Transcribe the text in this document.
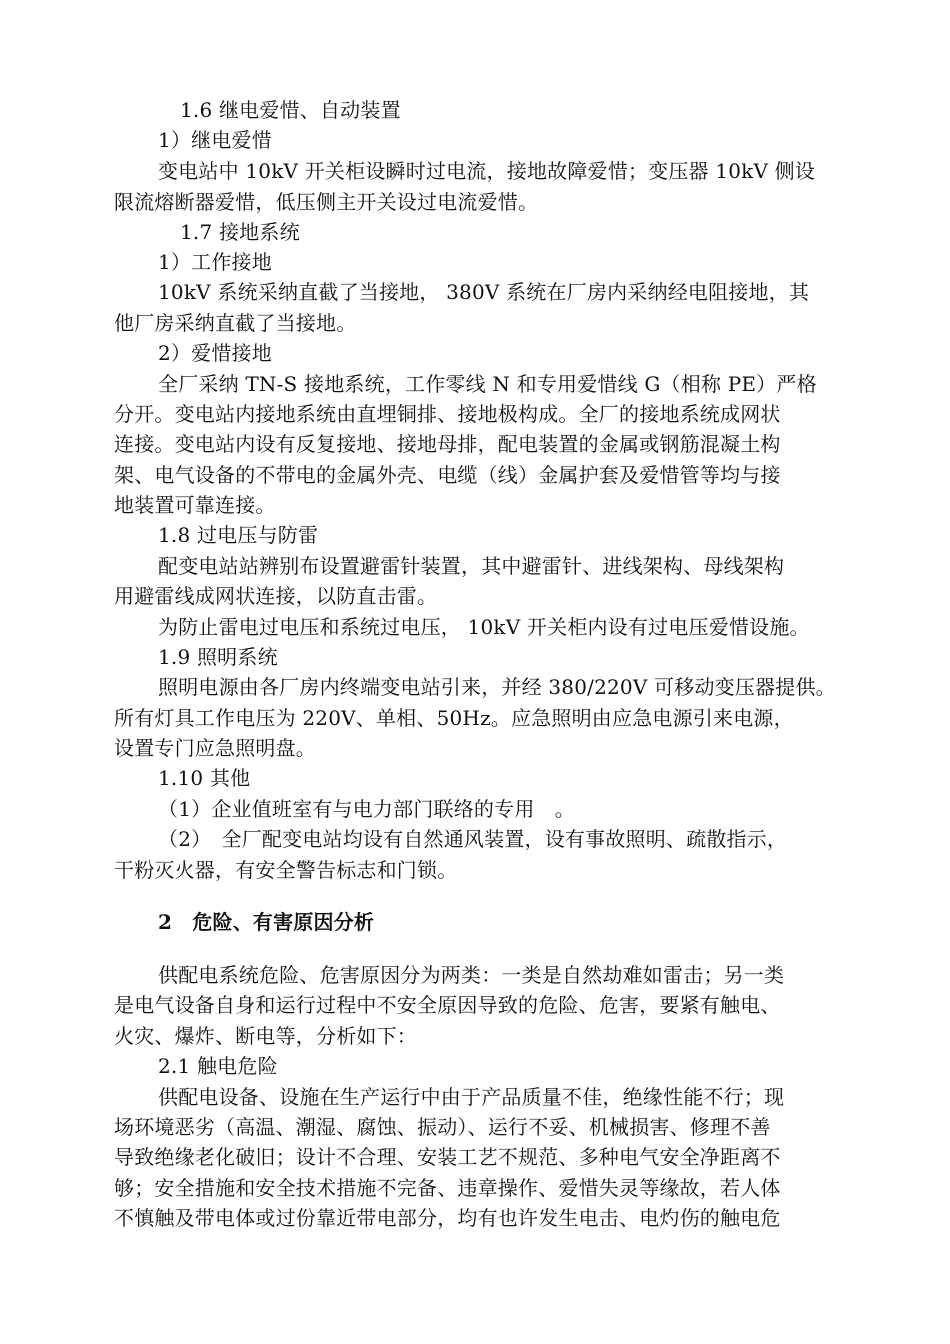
1.6 继电爱惜、自动装置
1）继电爱惜
变电站中 10kV 开关柜设瞬时过电流，接地故障爱惜；变压器 10kV 侧设
限流熔断器爱惜，低压侧主开关设过电流爱惜。
1.7 接地系统
1）工作接地
10kV 系统采纳直截了当接地， 380V 系统在厂房内采纳经电阻接地，其
他厂房采纳直截了当接地。
2）爱惜接地
全厂采纳 TN-S 接地系统，工作零线 N 和专用爱惜线 G（相称 PE）严格
分开。变电站内接地系统由直埋铜排、接地极构成。全厂的接地系统成网状
连接。变电站内设有反复接地、接地母排，配电装置的金属或钢筋混凝土构
架、电气设备的不带电的金属外壳、电缆（线）金属护套及爱惜管等均与接
地装置可靠连接。
1.8 过电压与防雷
配变电站站辨别布设置避雷针装置，其中避雷针、进线架构、母线架构
用避雷线成网状连接，以防直击雷。
为防止雷电过电压和系统过电压， 10kV 开关柜内设有过电压爱惜设施。
1.9 照明系统
照明电源由各厂房内终端变电站引来，并经 380/220V 可移动变压器提供。
所有灯具工作电压为 220V、单相、50Hz。应急照明由应急电源引来电源，
设置专门应急照明盘。
1.10 其他
（1）企业值班室有与电力部门联络的专用　。
（2）　全厂配变电站均设有自然通风装置，设有事故照明、疏散指示，
干粉灭火器，有安全警告标志和门锁。
2　危险、有害原因分析
供配电系统危险、危害原因分为两类：一类是自然劫难如雷击；另一类
是电气设备自身和运行过程中不安全原因导致的危险、危害，要紧有触电、
火灾、爆炸、断电等，分析如下：
2.1 触电危险
供配电设备、设施在生产运行中由于产品质量不佳，绝缘性能不行；现
场环境恶劣（高温、潮湿、腐蚀、振动）、运行不妥、机械损害、修理不善
导致绝缘老化破旧；设计不合理、安装工艺不规范、多种电气安全净距离不
够；安全措施和安全技术措施不完备、违章操作、爱惜失灵等缘故，若人体
不慎触及带电体或过份靠近带电部分，均有也许发生电击、电灼伤的触电危
